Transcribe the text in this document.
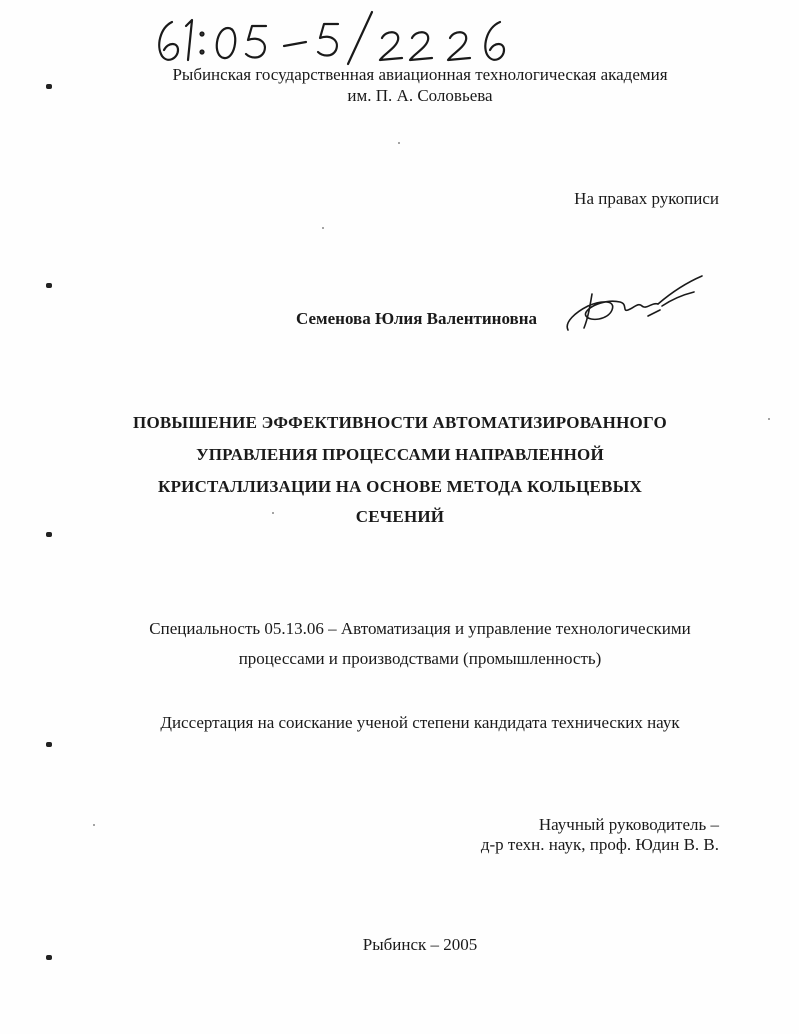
61:05-5/22226
Рыбинская государственная авиационная технологическая академия
им. П. А. Соловьева
На правах рукописи
Семенова Юлия Валентиновна
ПОВЫШЕНИЕ ЭФФЕКТИВНОСТИ АВТОМАТИЗИРОВАННОГО
УПРАВЛЕНИЯ ПРОЦЕССАМИ НАПРАВЛЕННОЙ
КРИСТАЛЛИЗАЦИИ НА ОСНОВЕ МЕТОДА КОЛЬЦЕВЫХ
СЕЧЕНИЙ
Специальность 05.13.06 – Автоматизация и управление технологическими
процессами и производствами (промышленность)
Диссертация на соискание ученой степени кандидата технических наук
Научный руководитель –
д-р техн. наук, проф. Юдин В. В.
Рыбинск – 2005
